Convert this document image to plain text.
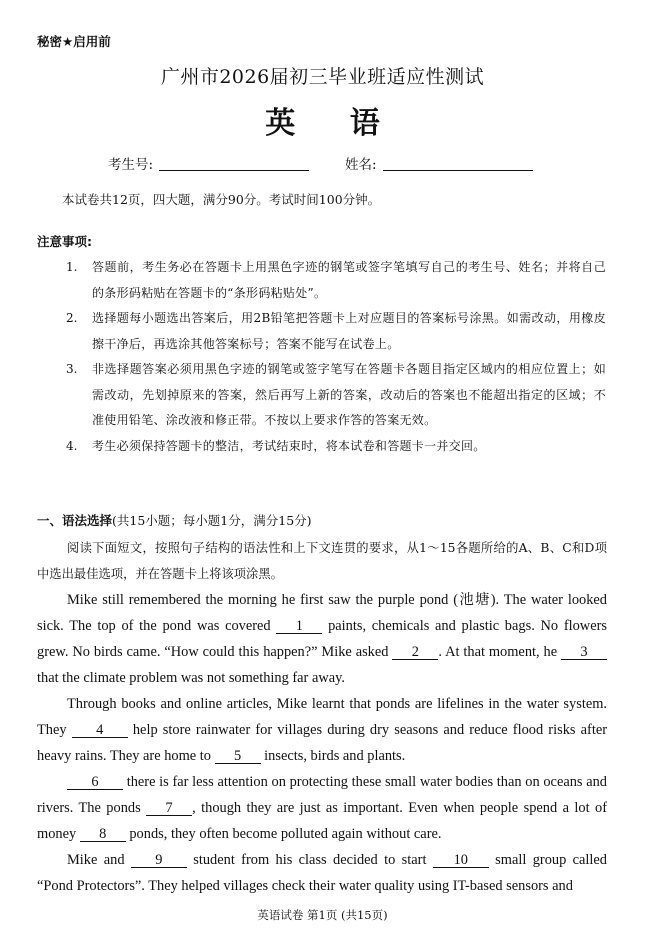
秘密★启用前
广州市2026届初三毕业班适应性测试
英 语
考生号:	姓名:
本试卷共12页，四大题，满分90分。考试时间100分钟。
注意事项:
1.	答题前，考生务必在答题卡上用黑色字迹的钢笔或签字笔填写自己的考生号、姓名；并将自己的条形码粘贴在答题卡的“条形码粘贴处”。
2.	选择题每小题选出答案后，用2B铅笔把答题卡上对应题目的答案标号涂黑。如需改动，用橡皮擦干净后，再选涂其他答案标号；答案不能写在试卷上。
3.	非选择题答案必须用黑色字迹的钢笔或签字笔写在答题卡各题目指定区域内的相应位置上；如需改动，先划掉原来的答案，然后再写上新的答案，改动后的答案也不能超出指定的区域；不准使用铅笔、涂改液和修正带。不按以上要求作答的答案无效。
4.	考生必须保持答题卡的整洁，考试结束时，将本试卷和答题卡一并交回。
一、语法选择(共15小题；每小题1分，满分15分)
阅读下面短文，按照句子结构的语法性和上下文连贯的要求，从1～15各题所给的A、B、C和D项中选出最佳选项，并在答题卡上将该项涂黑。

Mike still remembered the morning he first saw the purple pond (池塘). The water looked sick. The top of the pond was covered 1 paints, chemicals and plastic bags. No flowers grew. No birds came. “How could this happen?” Mike asked 2 . At that moment, he 3 that the climate problem was not something far away.

Through books and online articles, Mike learnt that ponds are lifelines in the water system. They 4 help store rainwater for villages during dry seasons and reduce flood risks after heavy rains. They are home to 5 insects, birds and plants.

6 there is far less attention on protecting these small water bodies than on oceans and rivers. The ponds 7 , though they are just as important. Even when people spend a lot of money 8 ponds, they often become polluted again without care.

Mike and 9 student from his class decided to start 10 small group called “Pond Protectors”. They helped villages check their water quality using IT-based sensors and

英语试卷 第1页 (共15页)
